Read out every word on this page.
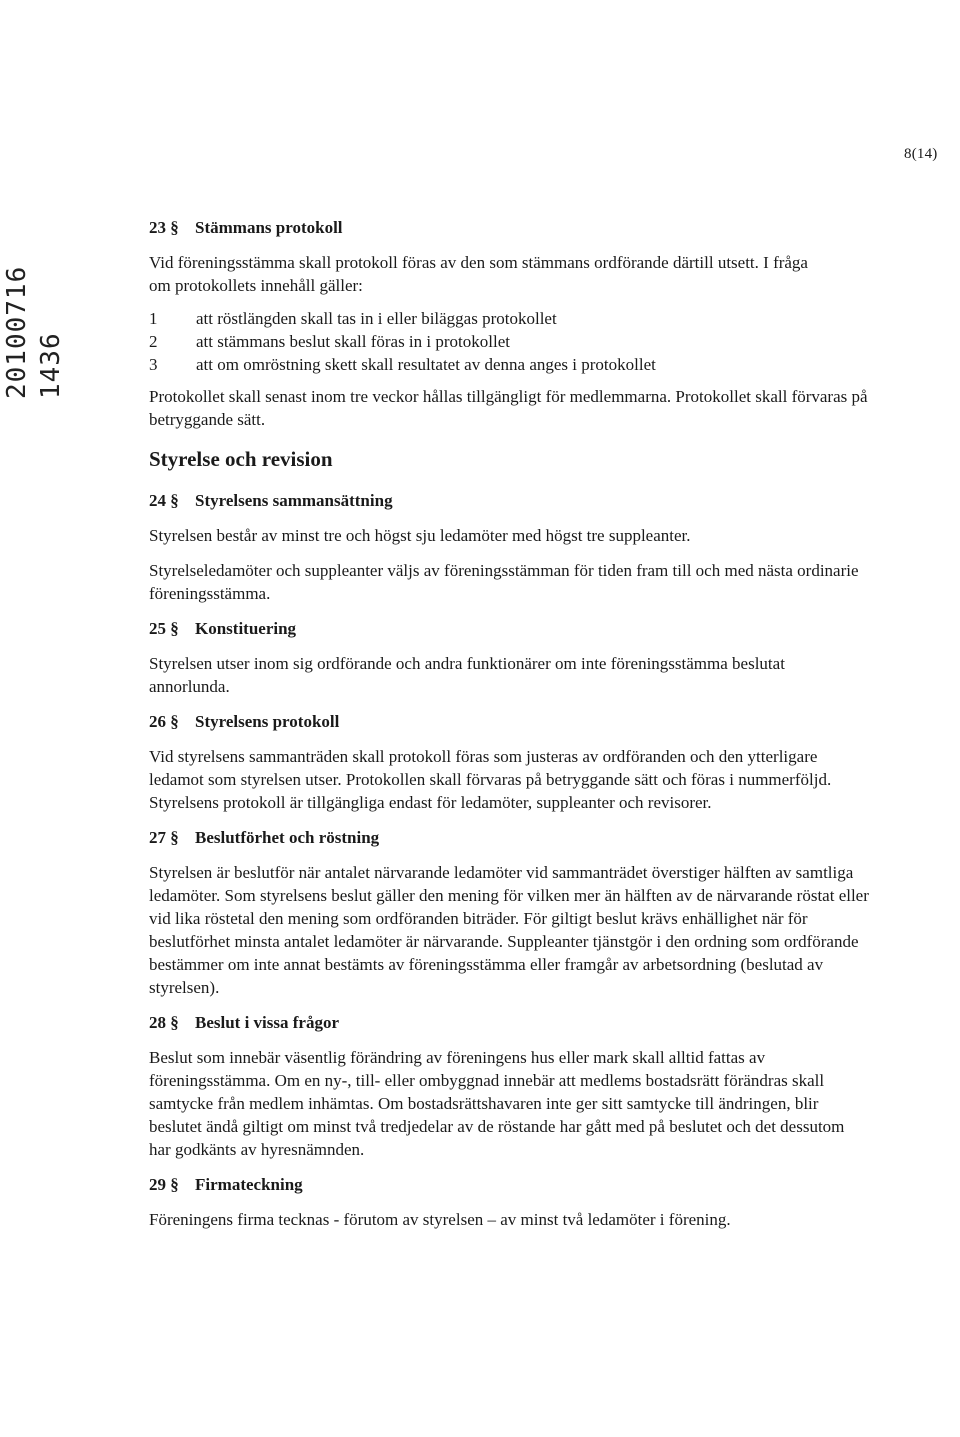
8(14)
20100716 1436

23 § Stämmans protokoll

Vid föreningsstämma skall protokoll föras av den som stämmans ordförande därtill utsett. I fråga om protokollets innehåll gäller:

1	att röstlängden skall tas in i eller biläggas protokollet
2	att stämmans beslut skall föras in i protokollet
3	att om omröstning skett skall resultatet av denna anges i protokollet

Protokollet skall senast inom tre veckor hållas tillgängligt för medlemmarna. Protokollet skall förvaras på betryggande sätt.

Styrelse och revision

24 § Styrelsens sammansättning

Styrelsen består av minst tre och högst sju ledamöter med högst tre suppleanter.

Styrelseledamöter och suppleanter väljs av föreningsstämman för tiden fram till och med nästa ordinarie föreningsstämma.

25 § Konstituering

Styrelsen utser inom sig ordförande och andra funktionärer om inte föreningsstämma beslutat annorlunda.

26 § Styrelsens protokoll

Vid styrelsens sammanträden skall protokoll föras som justeras av ordföranden och den ytterligare ledamot som styrelsen utser. Protokollen skall förvaras på betryggande sätt och föras i nummerföljd. Styrelsens protokoll är tillgängliga endast för ledamöter, suppleanter och revisorer.

27 § Beslutförhet och röstning

Styrelsen är beslutför när antalet närvarande ledamöter vid sammanträdet överstiger hälften av samtliga ledamöter. Som styrelsens beslut gäller den mening för vilken mer än hälften av de närvarande röstat eller vid lika röstetal den mening som ordföranden biträder. För giltigt beslut krävs enhällighet när för beslutförhet minsta antalet ledamöter är närvarande. Suppleanter tjänstgör i den ordning som ordförande bestämmer om inte annat bestämts av föreningsstämma eller framgår av arbetsordning (beslutad av styrelsen).

28 § Beslut i vissa frågor

Beslut som innebär väsentlig förändring av föreningens hus eller mark skall alltid fattas av föreningsstämma. Om en ny-, till- eller ombyggnad innebär att medlems bostadsrätt förändras skall samtycke från medlem inhämtas. Om bostadsrättshavaren inte ger sitt samtycke till ändringen, blir beslutet ändå giltigt om minst två tredjedelar av de röstande har gått med på beslutet och det dessutom har godkänts av hyresnämnden.

29 § Firmateckning

Föreningens firma tecknas - förutom av styrelsen – av minst två ledamöter i förening.
